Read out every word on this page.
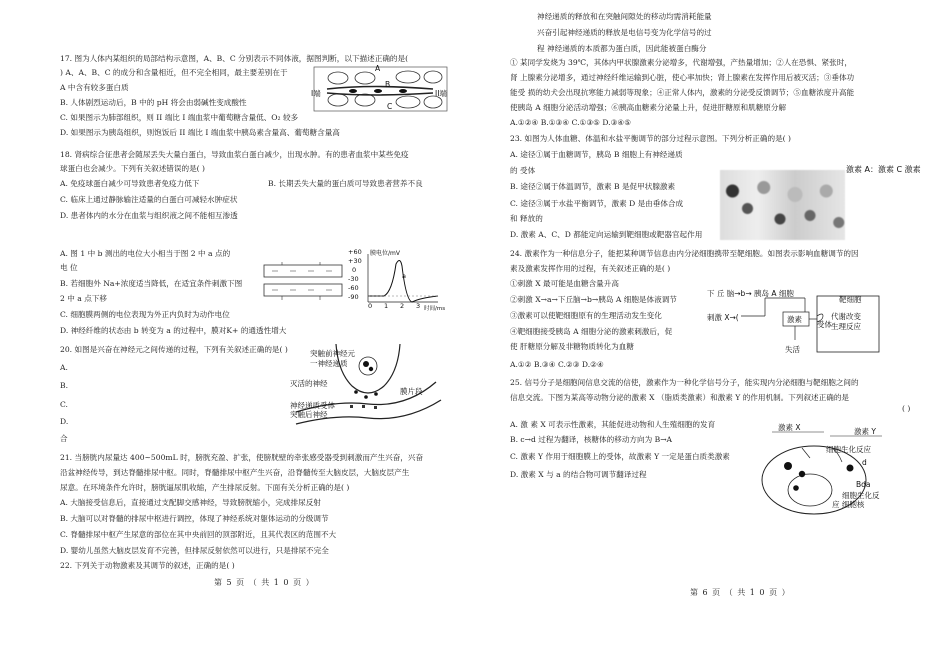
17. 图为人体内某组织的局部结构示意图，A、B、C 分别表示不同体液，据图判断，以下描述正确的是(
) A、A、B、C 的成分和含量相近，但不完全相同，最主要差别在于
A 中含有较多蛋白质
B. 人体剧烈运动后，B 中的 pH 将会由弱碱性变成酸性
C. 如果图示为肺部组织，则 II 端比 I 端血浆中葡萄糖含量低、O₂ 较多
D. 如果图示为胰岛组织，则饱饭后 II 端比 I 端血浆中胰岛素含量高、葡萄糖含量高
I端	II端
A
B
C
18. 肾病综合征患者会随尿丢失大量白蛋白，导致血浆白蛋白减少，出现水肿。有的患者血浆中某些免疫
球蛋白也会减少。下列有关叙述错误的是( )
A. 免疫球蛋白减少可导致患者免疫力低下	B. 长期丢失大量的蛋白质可导致患者营养不良
C. 临床上通过静脉输注适量的白蛋白可减轻水肿症状
D. 患者体内的水分在血浆与组织液之间不能相互渗透
A. 图 1 中 b 测出的电位大小相当于图 2 中 a 点的
电 位
B. 若细胞外 Na+浓度适当降低，在适宜条件刺激下图
2 中 a 点下移
C. 细胞膜两侧的电位表现为外正内负时为动作电位
D. 神经纤维的状态由 b 转变为 a 的过程中，膜对K+ 的通透性增大
+60
+30
0
-30
-60
-90
膜电位/mV
a
0 1 2 3 时间/ms
20. 如图是兴奋在神经元之间传递的过程，下列有关叙述正确的是( )
A.
B.
C.
D.
合
突触前神经元
一神经递质
灭活的神经
神经递质受体
突触后神经
膜片段
21. 当膀胱内尿量达 400~500mL 时，膀胱充盈、扩张，使膀胱壁的牵张感受器受到刺激而产生兴奋，兴奋
沿盆神经传导，到达脊髓排尿中枢。同时，脊髓排尿中枢产生兴奋，沿脊髓传至大脑皮层，大脑皮层产生
尿意。在环境条件允许时，膀胱逼尿肌收缩，产生排尿反射。下面有关分析正确的是( )
A. 大脑接受信息后，直接通过支配脚交感神经，导致膀胱缩小，完成排尿反射
B. 大脑可以对脊髓的排尿中枢进行调控，体现了神经系统对躯体运动的分级调节
C. 脊髓排尿中枢产生尿意的部位在其中央前回的顶部附近，且其代表区的范围不大
D. 婴幼儿虽然大脑皮层发育不完善，但排尿反射依然可以进行，只是排尿不完全
22. 下列关于动物激素及其调节的叙述，正确的是( )
第 5 页 （ 共 1 0 页 ）
神经递质的释放和在突触间隙处的移动均需消耗能量
兴奋引起神经递质的释放是电信号变为化学信号的过
程 神经递质的本质都为蛋白质，因此能被蛋白酶分
① 某同学发烧为 39℃，其体内甲状腺激素分泌增多，代谢增强，产热量增加；②人在恐惧、紧张时，
肾 上腺素分泌增多，通过神经纤维运输到心脏，使心率加快；肾上腺素在发挥作用后被灭活；③垂体功
能受 损的幼犬会出现抗寒能力减弱等现象；④正常人体内，激素的分泌受反馈调节；⑤血糖浓度升高能
使胰岛 A 细胞分泌活动增强；⑥胰高血糖素分泌量上升，促进肝糖原和肌糖原分解
A.①②④ B.①③④ C.①③⑤ D.③④⑤
23. 如图为人体血糖、体温和水盐平衡调节的部分过程示意图。下列分析正确的是( )
A. 途径①属于血糖调节，胰岛 B 细胞上有神经递质
的 受体
B. 途径②属于体温调节，激素 B 是促甲状腺激素
C. 途径③属于水盐平衡调节，激素 D 是由垂体合成
和 释放的
D. 激素 A、C、D 都能定向运输到靶细胞或靶器官起作用
激素 A：激素 C 激素
24. 激素作为一种信息分子，能把某种调节信息由内分泌细胞携带至靶细胞。如图表示影响血糖调节的因
素及激素发挥作用的过程，有关叙述正确的是( )
①刺激 X 最可能是血糖含量升高
②刺激 X→a→下丘脑→b→胰岛 A 细胞是体液调节
③激素可以使靶细胞原有的生理活动发生变化
④靶细胞接受胰岛 A 细胞分泌的激素刺激后，促
使 肝糖原分解及非糖物质转化为血糖
A.①② B.③④ C.②③ D.②④
下 丘 脑→b→ 胰岛 A 细胞
刺激 X→(	激素
受体
靶细胞
代谢改变
生理反应
失活
25. 信号分子是细胞间信息交流的信使，激素作为一种化学信号分子，能实现内分泌细胞与靶细胞之间的
信息交流。下图为某高等动物分泌的激素 X （脂质类激素）和激素 Y 的作用机制。下列叙述正确的是
( )
A. 激 素 X 可表示性激素，其能促进动物和人生殖细胞的发育
B. c→d 过程为翻译，核糖体的移动方向为 B→A
C. 激素 Y 作用于细胞膜上的受体，故激素 Y 一定是蛋白质类激素
D. 激素 X 与 a 的结合物可调节翻译过程
激素 X	激素 Y
细胞生化反应
d
Bda
细胞生化反
应 细胞核
第 6 页 （ 共 1 0 页 ）
